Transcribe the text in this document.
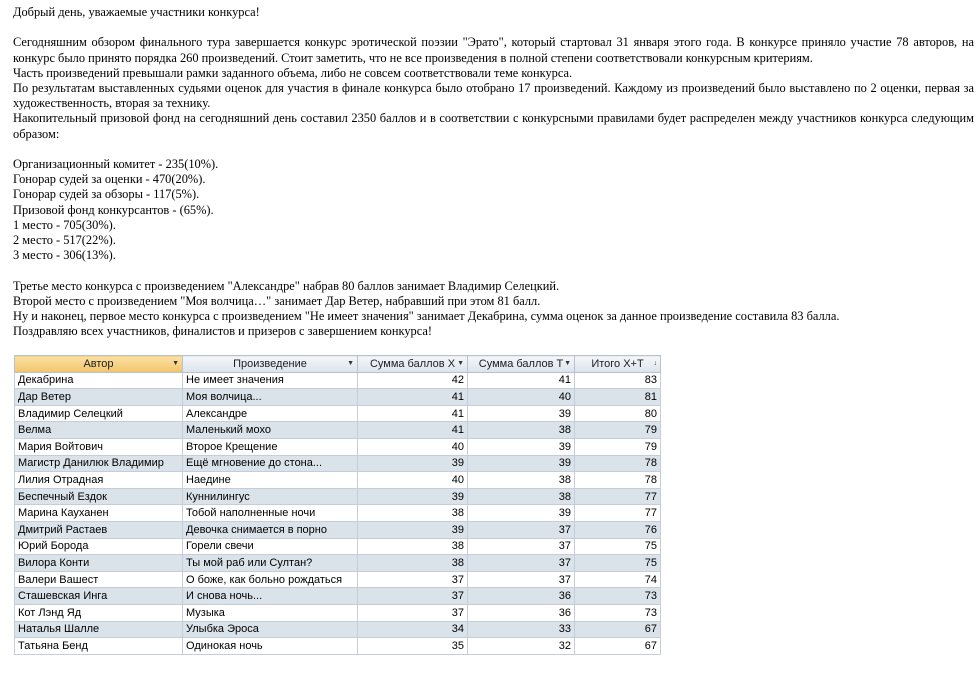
Добрый день, уважаемые участники конкурса!

Сегодняшним обзором финального тура завершается конкурс эротической поэзии "Эрато", который стартовал 31 января этого года. В конкурсе приняло участие 78 авторов, на конкурс было принято порядка 260 произведений. Стоит заметить, что не все произведения в полной степени соответствовали конкурсным критериям.

Часть произведений превышали рамки заданного объема, либо не совсем соответствовали теме конкурса.

По результатам выставленных судьями оценок для участия в финале конкурса было отобрано 17 произведений. Каждому из произведений было выставлено по 2 оценки, первая за художественность, вторая за технику.

Накопительный призовой фонд на сегодняшний день составил 2350 баллов и в соответствии с конкурсными правилами будет распределен между участников конкурса следующим образом:

Организационный комитет - 235(10%).

Гонорар судей за оценки - 470(20%).

Гонорар судей за обзоры - 117(5%).

Призовой фонд конкурсантов - (65%).

1 место - 705(30%).

2 место - 517(22%).

3 место - 306(13%).

Третье место конкурса с произведением "Александре" набрав 80 баллов занимает Владимир Селецкий.

Второй место с произведением "Моя волчица…" занимает Дар Ветер, набравший при этом 81 балл.

Ну и наконец, первое место конкурса с произведением "Не имеет значения" занимает Декабрина, сумма оценок за данное произведение составила 83 балла.

Поздравляю всех участников, финалистов и призеров с завершением конкурса!

Автор ▼	Произведение ▼	Сумма баллов Х ▼	Сумма баллов Т ▼	Итого Х+Т ↓

Декабрина	Не имеет значения	42	41	83
Дар Ветер	Моя волчица...	41	40	81
Владимир Селецкий	Александре	41	39	80
Велма	Маленький мохо	41	38	79
Мария Войтович	Второе Крещение	40	39	79
Магистр Данилюк Владимир	Ещё мгновение до стона...	39	39	78
Лилия Отрадная	Наедине	40	38	78
Беспечный Ездок	Куннилингус	39	38	77
Марина Кауханен	Тобой наполненные ночи	38	39	77
Дмитрий Растаев	Девочка снимается в порно	39	37	76
Юрий Борода	Горели свечи	38	37	75
Вилора Конти	Ты мой раб или Султан?	38	37	75
Валери Вашест	О боже, как больно рождаться	37	37	74
Сташевская Инга	И снова ночь...	37	36	73
Кот Лэнд Яд	Музыка	37	36	73
Наталья Шалле	Улыбка Эроса	34	33	67
Татьяна Бенд	Одинокая ночь	35	32	67
